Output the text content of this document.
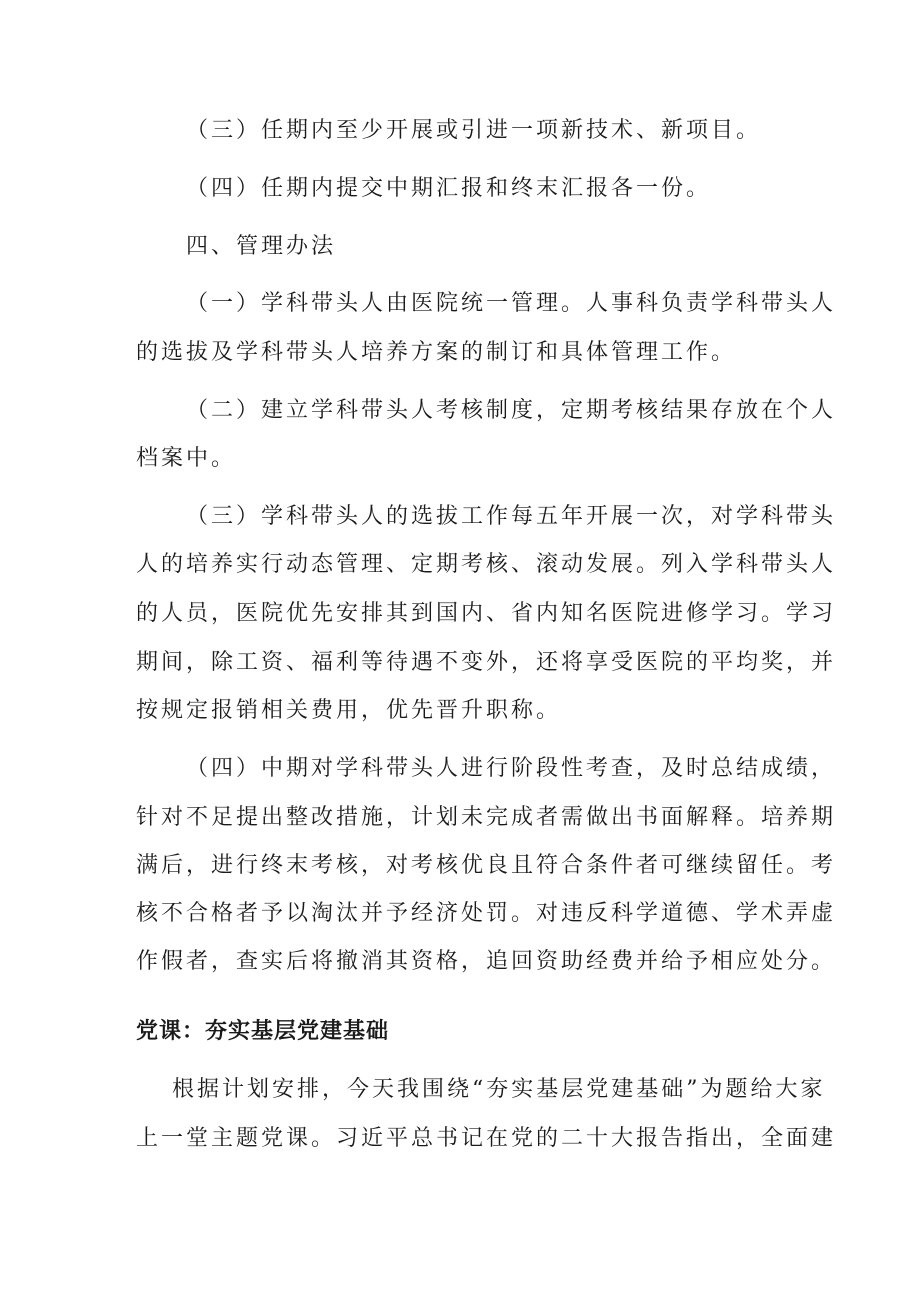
（三）任期内至少开展或引进一项新技术、新项目。
（四）任期内提交中期汇报和终末汇报各一份。
四、管理办法
（一）学科带头人由医院统一管理。人事科负责学科带头人
的选拔及学科带头人培养方案的制订和具体管理工作。
（二）建立学科带头人考核制度，定期考核结果存放在个人
档案中。
（三）学科带头人的选拔工作每五年开展一次，对学科带头
人的培养实行动态管理、定期考核、滚动发展。列入学科带头人
的人员，医院优先安排其到国内、省内知名医院进修学习。学习
期间，除工资、福利等待遇不变外，还将享受医院的平均奖，并
按规定报销相关费用，优先晋升职称。
（四）中期对学科带头人进行阶段性考查，及时总结成绩，
针对不足提出整改措施，计划未完成者需做出书面解释。培养期
满后，进行终末考核，对考核优良且符合条件者可继续留任。考
核不合格者予以淘汰并予经济处罚。对违反科学道德、学术弄虚
作假者，查实后将撤消其资格，追回资助经费并给予相应处分。
党课：夯实基层党建基础
根据计划安排，今天我围绕“夯实基层党建基础”为题给大家
上一堂主题党课。习近平总书记在党的二十大报告指出，全面建
